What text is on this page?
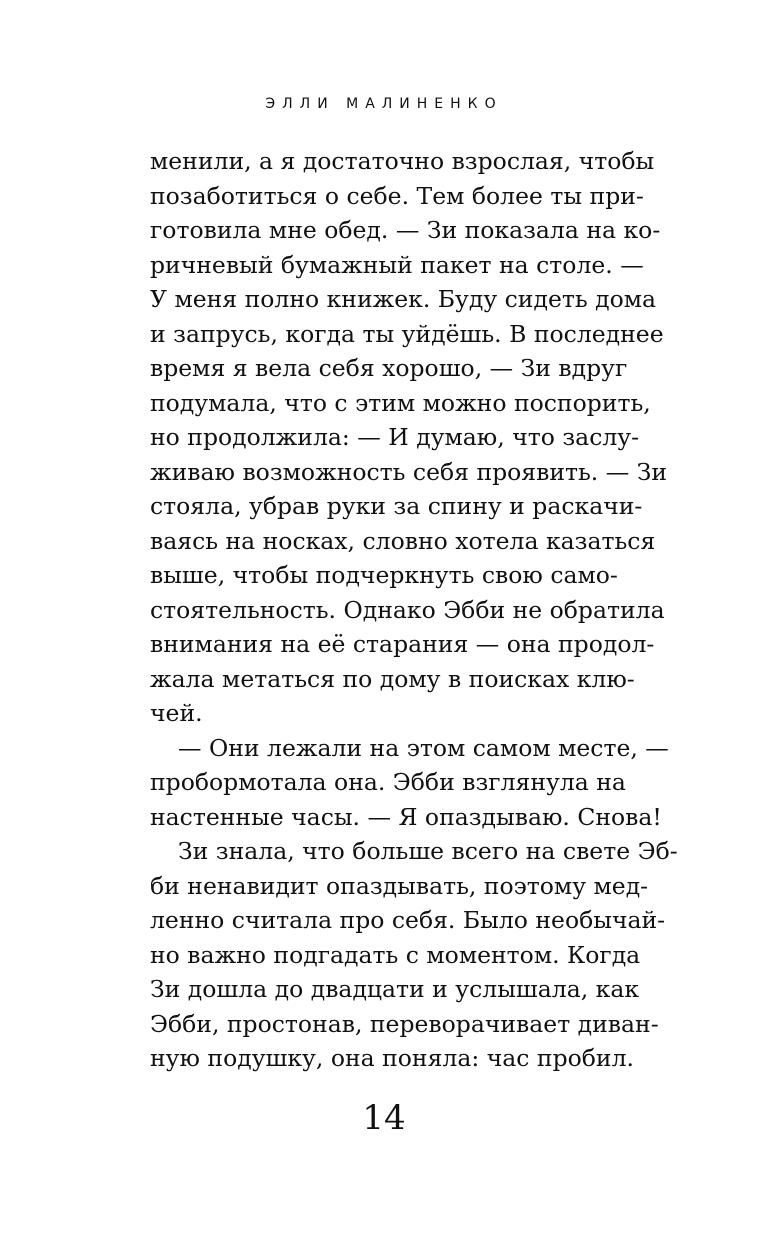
ЭЛЛИ МАЛИНЕНКО
менили, а я достаточно взрослая, чтобы
позаботиться о себе. Тем более ты при-
готовила мне обед. — Зи показала на ко-
ричневый бумажный пакет на столе. —
У меня полно книжек. Буду сидеть дома
и запрусь, когда ты уйдёшь. В последнее
время я вела себя хорошо, — Зи вдруг
подумала, что с этим можно поспорить,
но продолжила: — И думаю, что заслу-
живаю возможность себя проявить. — Зи
стояла, убрав руки за спину и раскачи-
ваясь на носках, словно хотела казаться
выше, чтобы подчеркнуть свою само-
стоятельность. Однако Эбби не обратила
внимания на её старания — она продол-
жала метаться по дому в поисках клю-
чей.
— Они лежали на этом самом месте, —
пробормотала она. Эбби взглянула на
настенные часы. — Я опаздываю. Снова!
Зи знала, что больше всего на свете Эб-
би ненавидит опаздывать, поэтому мед-
ленно считала про себя. Было необычай-
но важно подгадать с моментом. Когда
Зи дошла до двадцати и услышала, как
Эбби, простонав, переворачивает диван-
ную подушку, она поняла: час пробил.
14
